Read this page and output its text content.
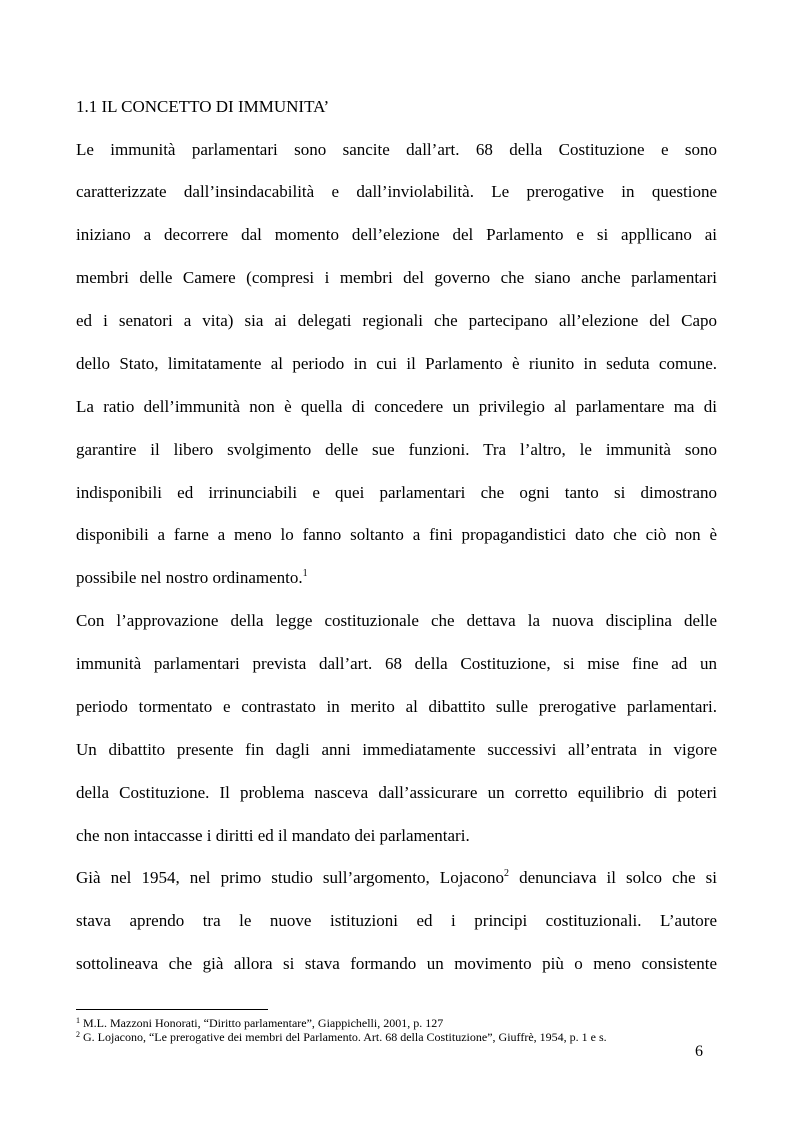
1.1 IL CONCETTO DI IMMUNITA’
Le immunità parlamentari sono sancite dall’art. 68 della Costituzione e sono
caratterizzate dall’insindacabilità e dall’inviolabilità. Le prerogative in questione
iniziano a decorrere dal momento dell’elezione del Parlamento e si appllicano ai
membri delle Camere (compresi i membri del governo che siano anche parlamentari
ed i senatori a vita) sia ai delegati regionali che partecipano all’elezione del Capo
dello Stato, limitatamente al periodo in cui il Parlamento è riunito in seduta comune.
La ratio dell’immunità non è quella di concedere un privilegio al parlamentare ma di
garantire il libero svolgimento delle sue funzioni. Tra l’altro, le immunità sono
indisponibili ed irrinunciabili e quei parlamentari che ogni tanto si dimostrano
disponibili a farne a meno lo fanno soltanto a fini propagandistici dato che ciò non è
possibile nel nostro ordinamento.$^1$
Con l’approvazione della legge costituzionale che dettava la nuova disciplina delle
immunità parlamentari prevista dall’art. 68 della Costituzione, si mise fine ad un
periodo tormentato e contrastato in merito al dibattito sulle prerogative parlamentari.
Un dibattito presente fin dagli anni immediatamente successivi all’entrata in vigore
della Costituzione. Il problema nasceva dall’assicurare un corretto equilibrio di poteri
che non intaccasse i diritti ed il mandato dei parlamentari.
Già nel 1954, nel primo studio sull’argomento, Lojacono$^2$ denunciava il solco che si
stava aprendo tra le nuove istituzioni ed i principi costituzionali. L’autore
sottolineava che già allora si stava formando un movimento più o meno consistente
$^1$ M.L. Mazzoni Honorati, “Diritto parlamentare”, Giappichelli, 2001, p. 127
$^2$ G. Lojacono, “Le prerogative dei membri del Parlamento. Art. 68 della Costituzione”, Giuffrè, 1954, p. 1 e s.
6
